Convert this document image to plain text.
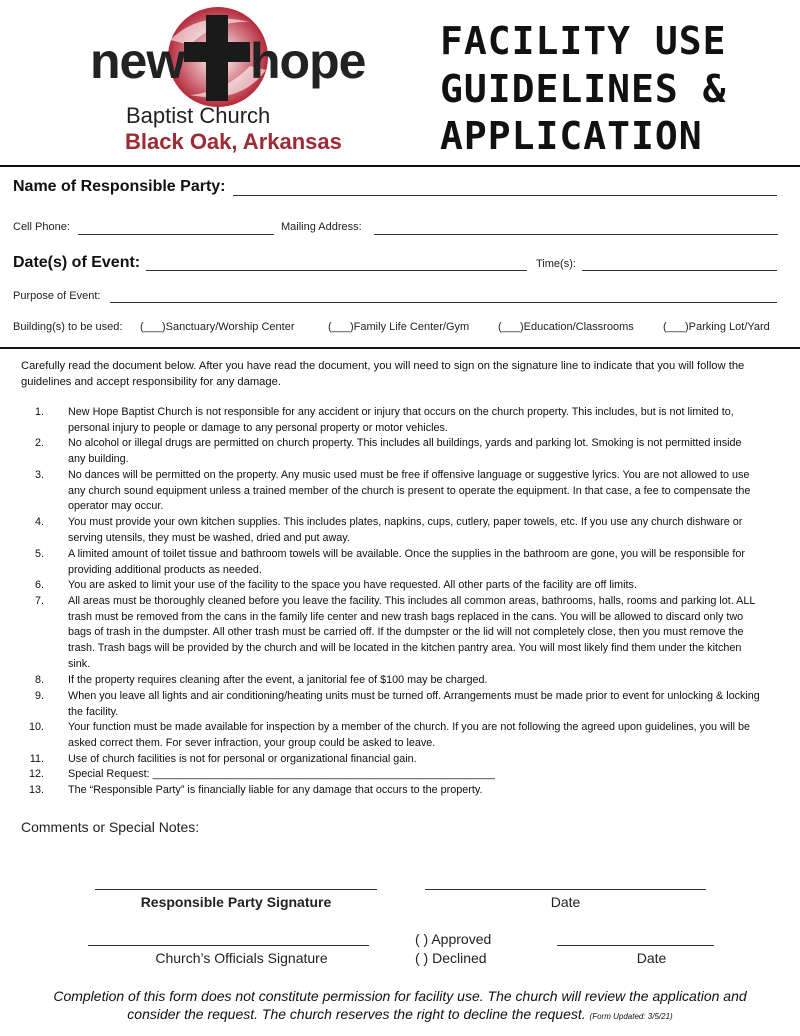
new hope
Baptist Church
Black Oak, Arkansas
FACILITY USE
GUIDELINES &
APPLICATION
Name of Responsible Party:
Cell Phone:	Mailing Address:
Date(s) of Event:	Time(s):
Purpose of Event:
Building(s) to be used: (___)Sanctuary/Worship Center	(___)Family Life Center/Gym	(___)Education/Classrooms	(___)Parking Lot/Yard
Carefully read the document below. After you have read the document, you will need to sign on the signature line to indicate that you will follow the guidelines and accept responsibility for any damage.
1. New Hope Baptist Church is not responsible for any accident or injury that occurs on the church property. This includes, but is not limited to, personal injury to people or damage to any personal property or motor vehicles.
2. No alcohol or illegal drugs are permitted on church property. This includes all buildings, yards and parking lot. Smoking is not permitted inside any building.
3. No dances will be permitted on the property. Any music used must be free if offensive language or suggestive lyrics. You are not allowed to use any church sound equipment unless a trained member of the church is present to operate the equipment. In that case, a fee to compensate the operator may occur.
4. You must provide your own kitchen supplies. This includes plates, napkins, cups, cutlery, paper towels, etc. If you use any church dishware or serving utensils, they must be washed, dried and put away.
5. A limited amount of toilet tissue and bathroom towels will be available. Once the supplies in the bathroom are gone, you will be responsible for providing additional products as needed.
6. You are asked to limit your use of the facility to the space you have requested. All other parts of the facility are off limits.
7. All areas must be thoroughly cleaned before you leave the facility. This includes all common areas, bathrooms, halls, rooms and parking lot. ALL trash must be removed from the cans in the family life center and new trash bags replaced in the cans. You will be allowed to discard only two bags of trash in the dumpster. All other trash must be carried off. If the dumpster or the lid will not completely close, then you must remove the trash. Trash bags will be provided by the church and will be located in the kitchen pantry area. You will most likely find them under the kitchen sink.
8. If the property requires cleaning after the event, a janitorial fee of $100 may be charged.
9. When you leave all lights and air conditioning/heating units must be turned off. Arrangements must be made prior to event for unlocking & locking the facility.
10. Your function must be made available for inspection by a member of the church. If you are not following the agreed upon guidelines, you will be asked correct them. For sever infraction, your group could be asked to leave.
11. Use of church facilities is not for personal or organizational financial gain.
12. Special Request: _________________________________________________________
13. The “Responsible Party” is financially liable for any damage that occurs to the property.
Comments or Special Notes:
Responsible Party Signature	Date
Church’s Officials Signature
( ) Approved
( ) Declined	Date
Completion of this form does not constitute permission for facility use. The church will review the application and
consider the request. The church reserves the right to decline the request. (Form Updated: 3/5/21)
